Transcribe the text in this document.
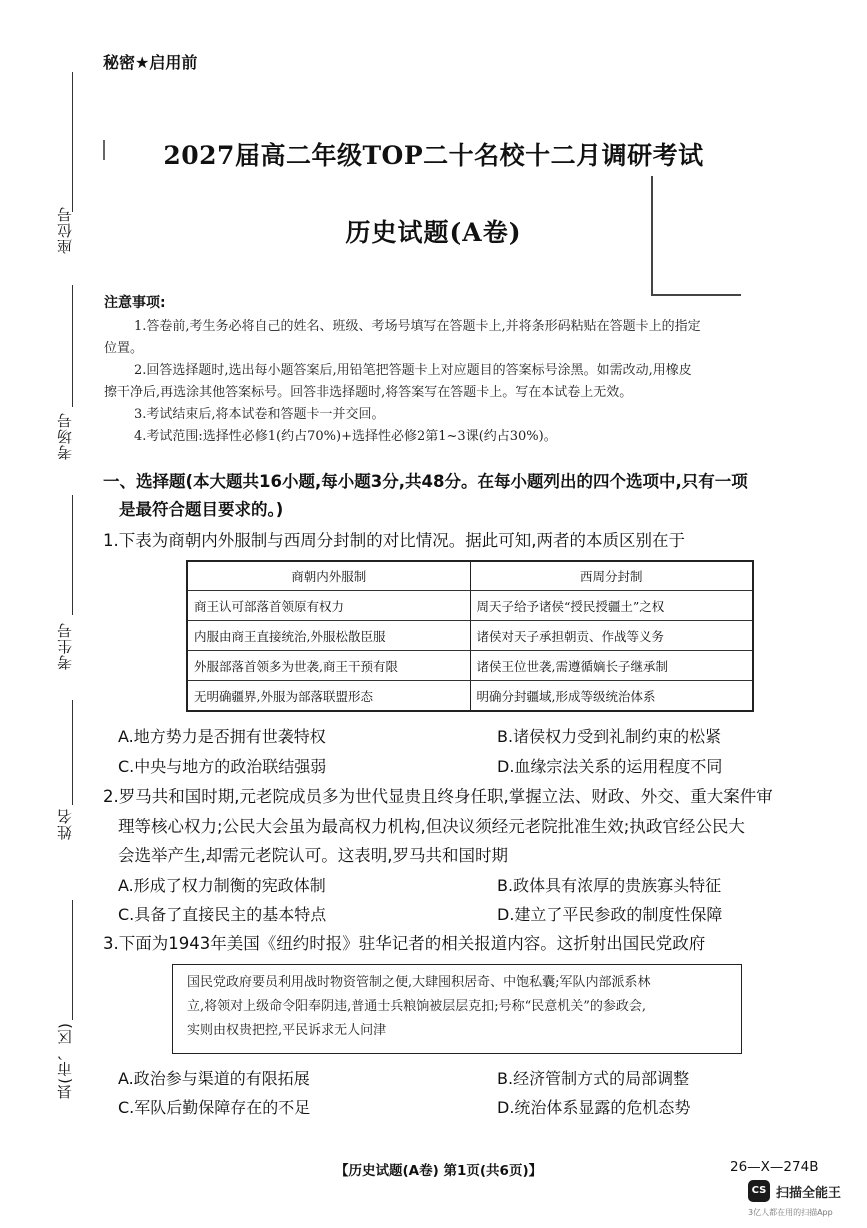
座位号
考场号
考生号
姓名
县(市、区)
秘密★启用前
2027届高二年级TOP二十名校十二月调研考试
历史试题(A卷)
注意事项:
1.答卷前,考生务必将自己的姓名、班级、考场号填写在答题卡上,并将条形码粘贴在答题卡上的指定
位置。
2.回答选择题时,选出每小题答案后,用铅笔把答题卡上对应题目的答案标号涂黑。如需改动,用橡皮
擦干净后,再选涂其他答案标号。回答非选择题时,将答案写在答题卡上。写在本试卷上无效。
3.考试结束后,将本试卷和答题卡一并交回。
4.考试范围:选择性必修1(约占70%)+选择性必修2第1~3课(约占30%)。
一、选择题(本大题共16小题,每小题3分,共48分。在每小题列出的四个选项中,只有一项
是最符合题目要求的。)
1.下表为商朝内外服制与西周分封制的对比情况。据此可知,两者的本质区别在于
商朝内外服制	西周分封制
商王认可部落首领原有权力	周天子给予诸侯“授民授疆土”之权
内服由商王直接统治,外服松散臣服	诸侯对天子承担朝贡、作战等义务
外服部落首领多为世袭,商王干预有限	诸侯王位世袭,需遵循嫡长子继承制
无明确疆界,外服为部落联盟形态	明确分封疆域,形成等级统治体系
A.地方势力是否拥有世袭特权	B.诸侯权力受到礼制约束的松紧
C.中央与地方的政治联结强弱	D.血缘宗法关系的运用程度不同
2.罗马共和国时期,元老院成员多为世代显贵且终身任职,掌握立法、财政、外交、重大案件审
理等核心权力;公民大会虽为最高权力机构,但决议须经元老院批准生效;执政官经公民大
会选举产生,却需元老院认可。这表明,罗马共和国时期
A.形成了权力制衡的宪政体制	B.政体具有浓厚的贵族寡头特征
C.具备了直接民主的基本特点	D.建立了平民参政的制度性保障
3.下面为1943年美国《纽约时报》驻华记者的相关报道内容。这折射出国民党政府
国民党政府要员利用战时物资管制之便,大肆囤积居奇、中饱私囊;军队内部派系林
立,将领对上级命令阳奉阴违,普通士兵粮饷被层层克扣;号称“民意机关”的参政会,
实则由权贵把控,平民诉求无人问津
A.政治参与渠道的有限拓展	B.经济管制方式的局部调整
C.军队后勤保障存在的不足	D.统治体系显露的危机态势
【历史试题(A卷) 第1页(共6页)】	26—X—274B
CS 扫描全能王
3亿人都在用的扫描App
